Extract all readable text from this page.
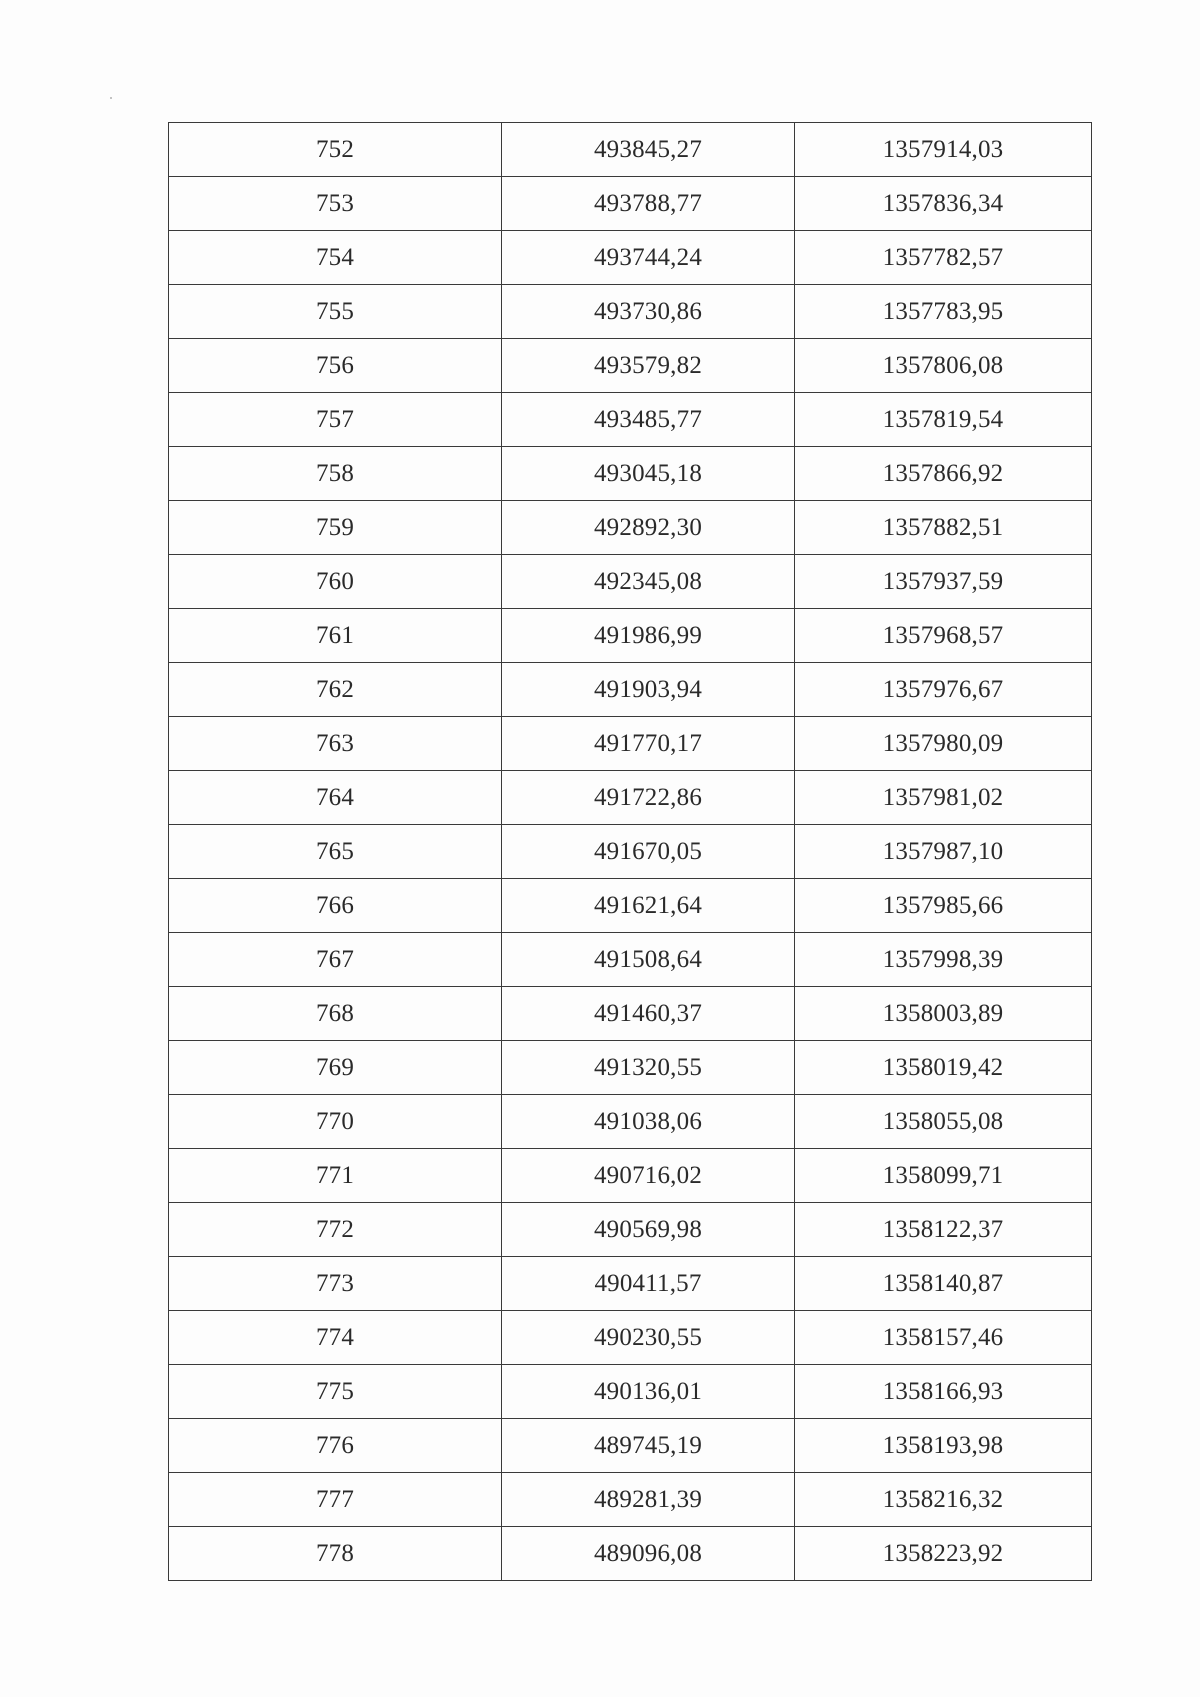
752	493845,27	1357914,03
753	493788,77	1357836,34
754	493744,24	1357782,57
755	493730,86	1357783,95
756	493579,82	1357806,08
757	493485,77	1357819,54
758	493045,18	1357866,92
759	492892,30	1357882,51
760	492345,08	1357937,59
761	491986,99	1357968,57
762	491903,94	1357976,67
763	491770,17	1357980,09
764	491722,86	1357981,02
765	491670,05	1357987,10
766	491621,64	1357985,66
767	491508,64	1357998,39
768	491460,37	1358003,89
769	491320,55	1358019,42
770	491038,06	1358055,08
771	490716,02	1358099,71
772	490569,98	1358122,37
773	490411,57	1358140,87
774	490230,55	1358157,46
775	490136,01	1358166,93
776	489745,19	1358193,98
777	489281,39	1358216,32
778	489096,08	1358223,92
